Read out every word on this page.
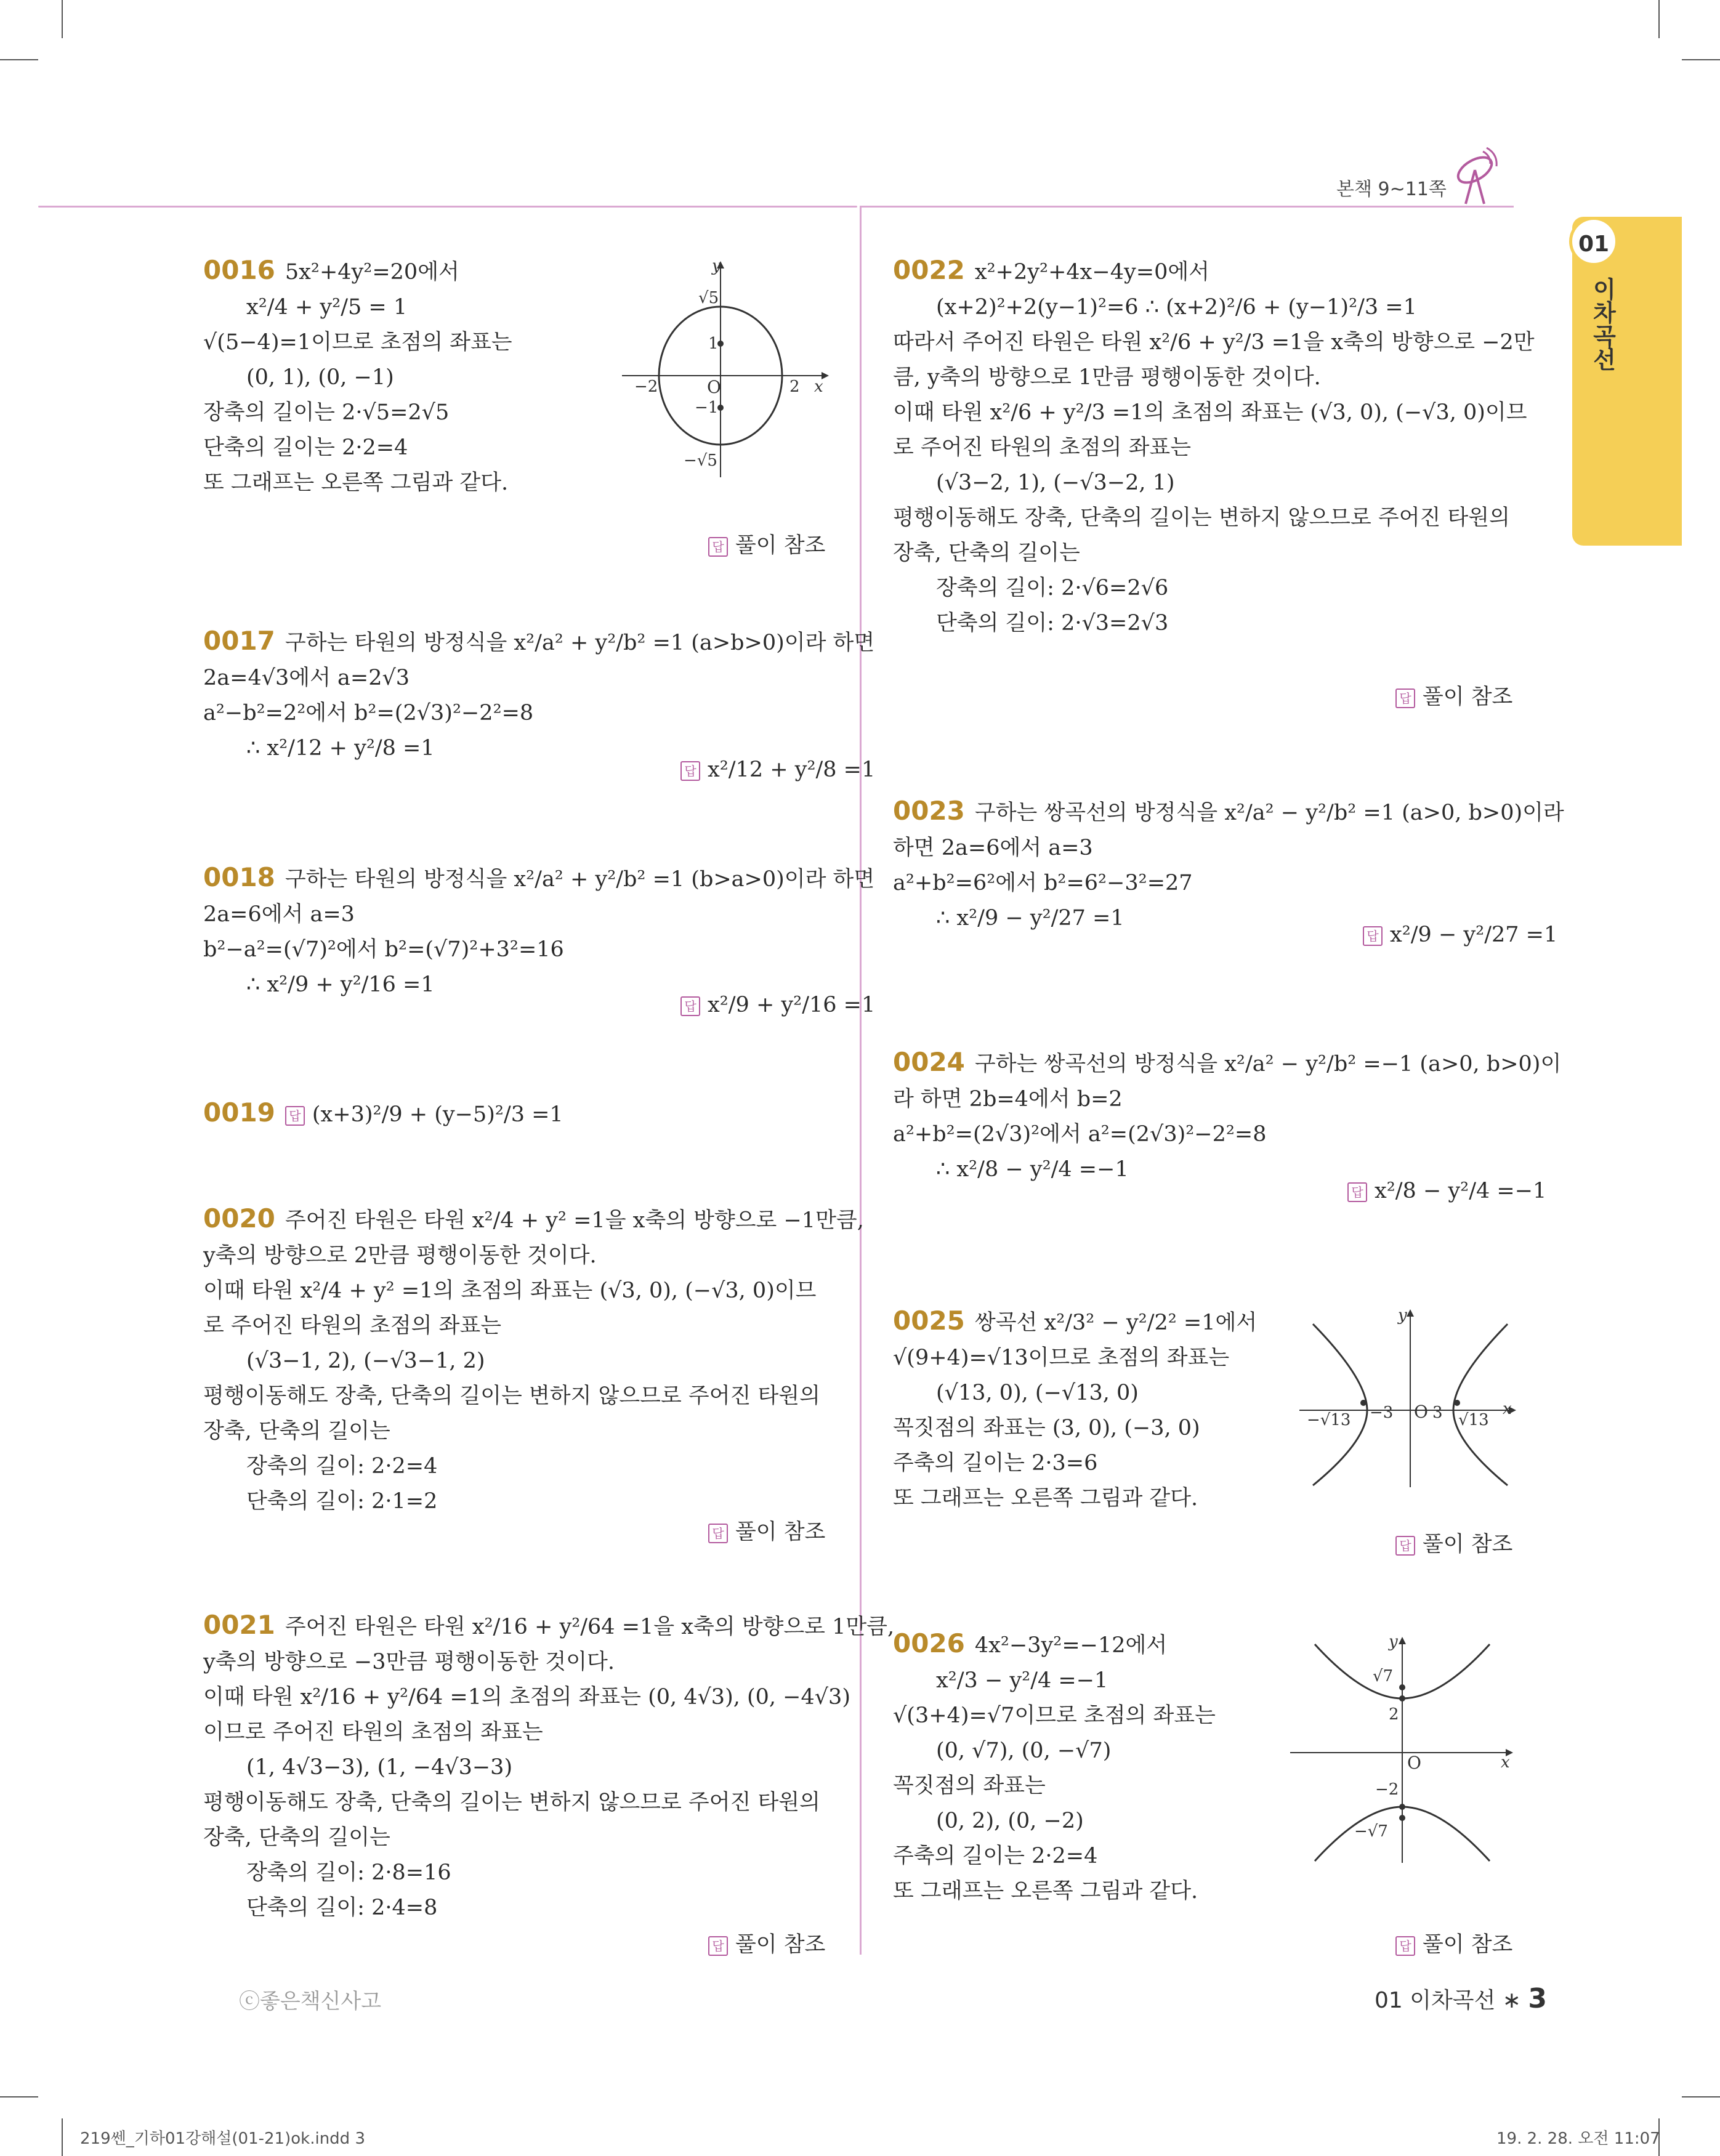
본책 9~11쪽
01
이차곡선
0016 5x²+4y²=20에서
x²/4 + y²/5 = 1
√(5−4)=1이므로 초점의 좌표는
(0, 1), (0, −1)
장축의 길이는 2·√5=2√5
단축의 길이는 2·2=4
또 그래프는 오른쪽 그림과 같다.
y
x
O
√5
1
−1
−√5
−2	2
답 풀이 참조
0017 구하는 타원의 방정식을 x²/a² + y²/b² =1 (a>b>0)이라 하면
2a=4√3에서 a=2√3
a²−b²=2²에서 b²=(2√3)²−2²=8
∴ x²/12 + y²/8 =1
답 x²/12 + y²/8 =1
0018 구하는 타원의 방정식을 x²/a² + y²/b² =1 (b>a>0)이라 하면
2a=6에서 a=3
b²−a²=(√7)²에서 b²=(√7)²+3²=16
∴ x²/9 + y²/16 =1
답 x²/9 + y²/16 =1
0019 답 (x+3)²/9 + (y−5)²/3 =1
0020 주어진 타원은 타원 x²/4 + y² =1을 x축의 방향으로 −1만큼,
y축의 방향으로 2만큼 평행이동한 것이다.
이때 타원 x²/4 + y² =1의 초점의 좌표는 (√3, 0), (−√3, 0)이므
로 주어진 타원의 초점의 좌표는
(√3−1, 2), (−√3−1, 2)
평행이동해도 장축, 단축의 길이는 변하지 않으므로 주어진 타원의
장축, 단축의 길이는
장축의 길이: 2·2=4
단축의 길이: 2·1=2
답 풀이 참조
0021 주어진 타원은 타원 x²/16 + y²/64 =1을 x축의 방향으로 1만큼,
y축의 방향으로 −3만큼 평행이동한 것이다.
이때 타원 x²/16 + y²/64 =1의 초점의 좌표는 (0, 4√3), (0, −4√3)
이므로 주어진 타원의 초점의 좌표는
(1, 4√3−3), (1, −4√3−3)
평행이동해도 장축, 단축의 길이는 변하지 않으므로 주어진 타원의
장축, 단축의 길이는
장축의 길이: 2·8=16
단축의 길이: 2·4=8
답 풀이 참조
0022 x²+2y²+4x−4y=0에서
(x+2)²+2(y−1)²=6 ∴ (x+2)²/6 + (y−1)²/3 =1
따라서 주어진 타원은 타원 x²/6 + y²/3 =1을 x축의 방향으로 −2만
큼, y축의 방향으로 1만큼 평행이동한 것이다.
이때 타원 x²/6 + y²/3 =1의 초점의 좌표는 (√3, 0), (−√3, 0)이므
로 주어진 타원의 초점의 좌표는
(√3−2, 1), (−√3−2, 1)
평행이동해도 장축, 단축의 길이는 변하지 않으므로 주어진 타원의
장축, 단축의 길이는
장축의 길이: 2·√6=2√6
단축의 길이: 2·√3=2√3
답 풀이 참조
0023 구하는 쌍곡선의 방정식을 x²/a² − y²/b² =1 (a>0, b>0)이라
하면 2a=6에서 a=3
a²+b²=6²에서 b²=6²−3²=27
∴ x²/9 − y²/27 =1
답 x²/9 − y²/27 =1
0024 구하는 쌍곡선의 방정식을 x²/a² − y²/b² =−1 (a>0, b>0)이
라 하면 2b=4에서 b=2
a²+b²=(2√3)²에서 a²=(2√3)²−2²=8
∴ x²/8 − y²/4 =−1
답 x²/8 − y²/4 =−1
0025 쌍곡선 x²/3² − y²/2² =1에서
√(9+4)=√13이므로 초점의 좌표는
(√13, 0), (−√13, 0)
꼭짓점의 좌표는 (3, 0), (−3, 0)
주축의 길이는 2·3=6
또 그래프는 오른쪽 그림과 같다.
y
x
O
−√13 −3 3 √13
답 풀이 참조
0026 4x²−3y²=−12에서
x²/3 − y²/4 =−1
√(3+4)=√7이므로 초점의 좌표는
(0, √7), (0, −√7)
꼭짓점의 좌표는
(0, 2), (0, −2)
주축의 길이는 2·2=4
또 그래프는 오른쪽 그림과 같다.
y
x
O
√7
2
−2
−√7
답 풀이 참조
ⓒ좋은책신사고	01 이차곡선 ∗ 3
219쎈_기하01강해설(01-21)ok.indd 3	19. 2. 28. 오전 11:07
